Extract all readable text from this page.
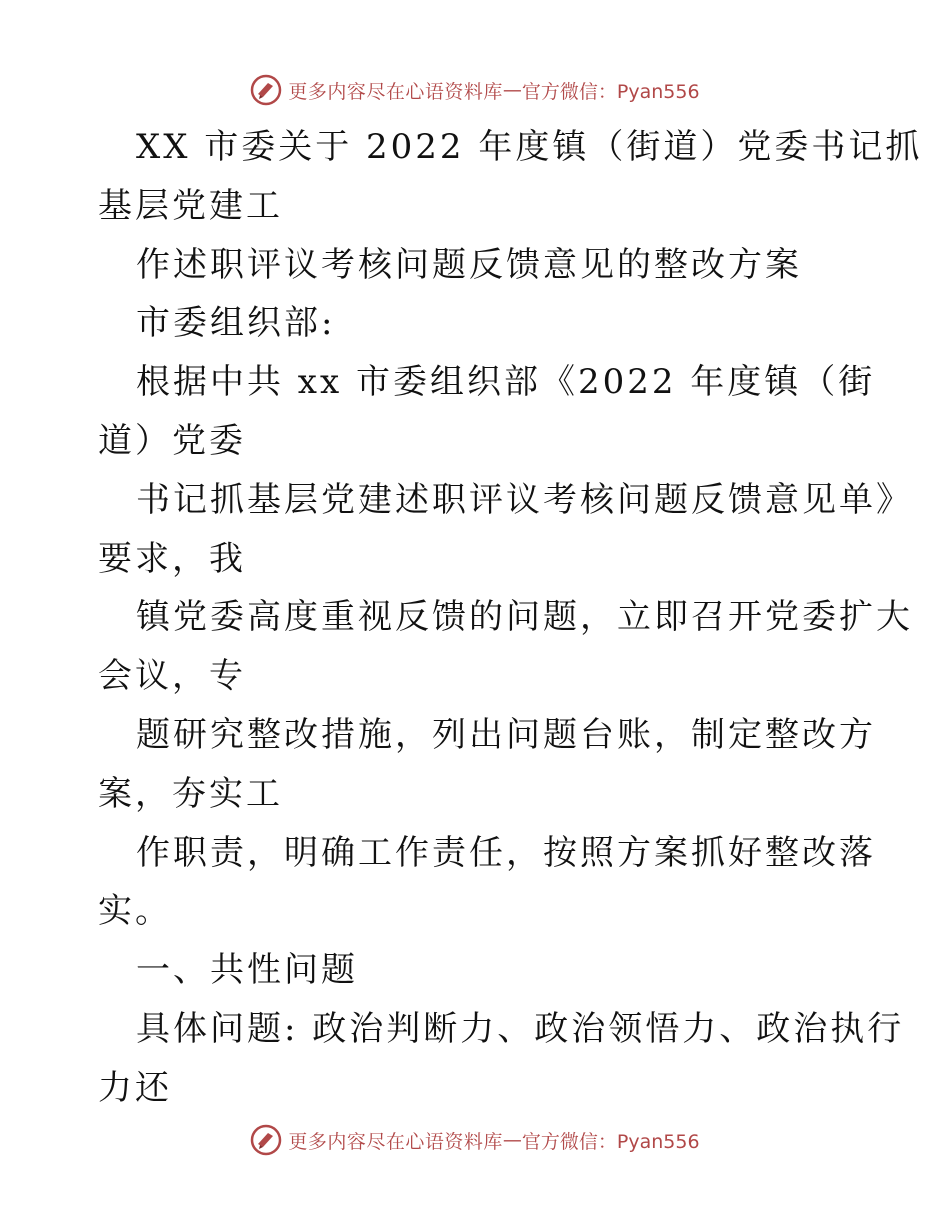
更多内容尽在心语资料库 — 官方微信：Pyan556
XX 市委关于 2022 年度镇（街道）党委书记抓
基层党建工
作述职评议考核问题反馈意见的整改方案
市委组织部:
根据中共 xx 市委组织部《2022 年度镇（街
道）党委
书记抓基层党建述职评议考核问题反馈意见单》
要求，我
镇党委高度重视反馈的问题，立即召开党委扩大
会议，专
题研究整改措施，列出问题台账，制定整改方
案，夯实工
作职责，明确工作责任，按照方案抓好整改落
实。
一、共性问题
具体问题: 政治判断力、政治领悟力、政治执行
力还
更多内容尽在心语资料库 — 官方微信：Pyan556
